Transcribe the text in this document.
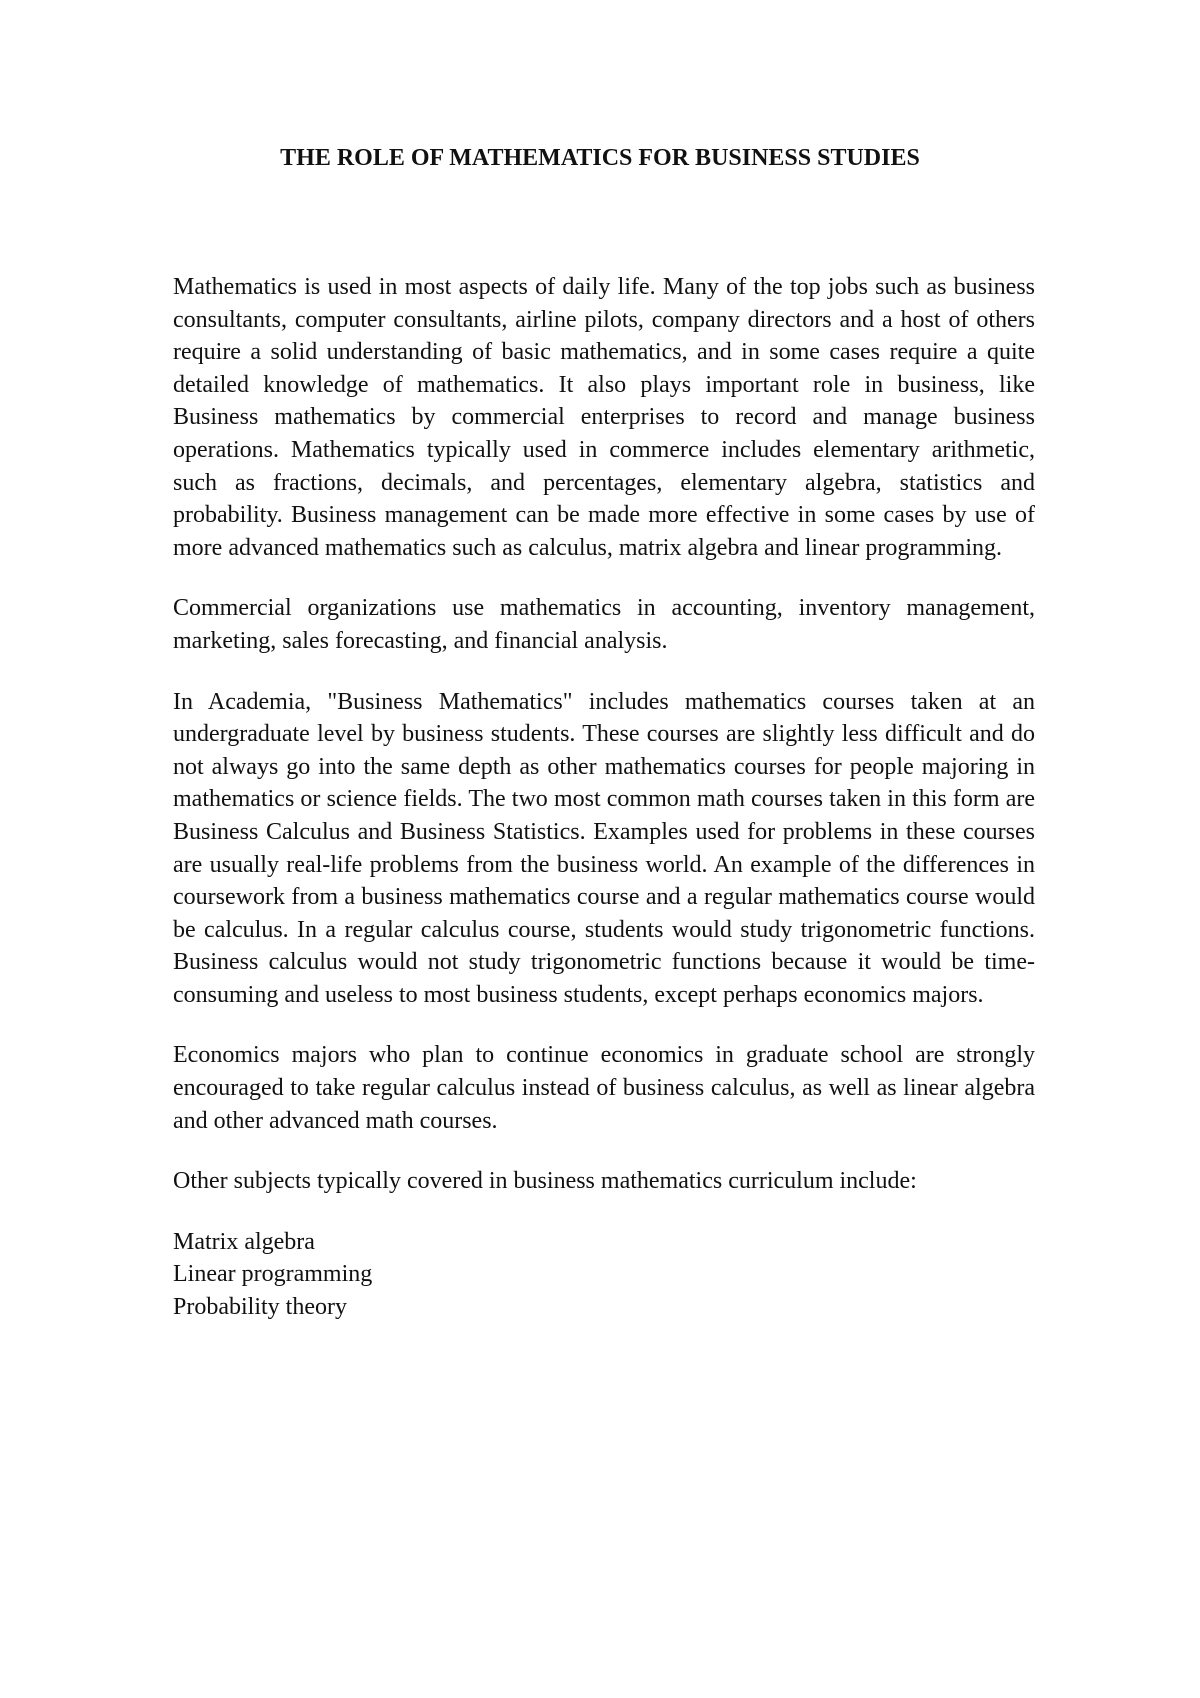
THE ROLE OF MATHEMATICS FOR BUSINESS STUDIES

Mathematics is used in most aspects of daily life. Many of the top jobs such as business consultants, computer consultants, airline pilots, company directors and a host of others require a solid understanding of basic mathematics, and in some cases require a quite detailed knowledge of mathematics. It also plays important role in business, like Business mathematics by commercial enterprises to record and manage business operations. Mathematics typically used in commerce includes elementary arithmetic, such as fractions, decimals, and percentages, elementary algebra, statistics and probability. Business management can be made more effective in some cases by use of more advanced mathematics such as calculus, matrix algebra and linear programming.

Commercial organizations use mathematics in accounting, inventory management, marketing, sales forecasting, and financial analysis.

In Academia, "Business Mathematics" includes mathematics courses taken at an undergraduate level by business students. These courses are slightly less difficult and do not always go into the same depth as other mathematics courses for people majoring in mathematics or science fields. The two most common math courses taken in this form are Business Calculus and Business Statistics. Examples used for problems in these courses are usually real-life problems from the business world. An example of the differences in coursework from a business mathematics course and a regular mathematics course would be calculus. In a regular calculus course, students would study trigonometric functions. Business calculus would not study trigonometric functions because it would be time- consuming and useless to most business students, except perhaps economics majors.

Economics majors who plan to continue economics in graduate school are strongly encouraged to take regular calculus instead of business calculus, as well as linear algebra and other advanced math courses.

Other subjects typically covered in business mathematics curriculum include:

Matrix algebra
Linear programming
Probability theory
